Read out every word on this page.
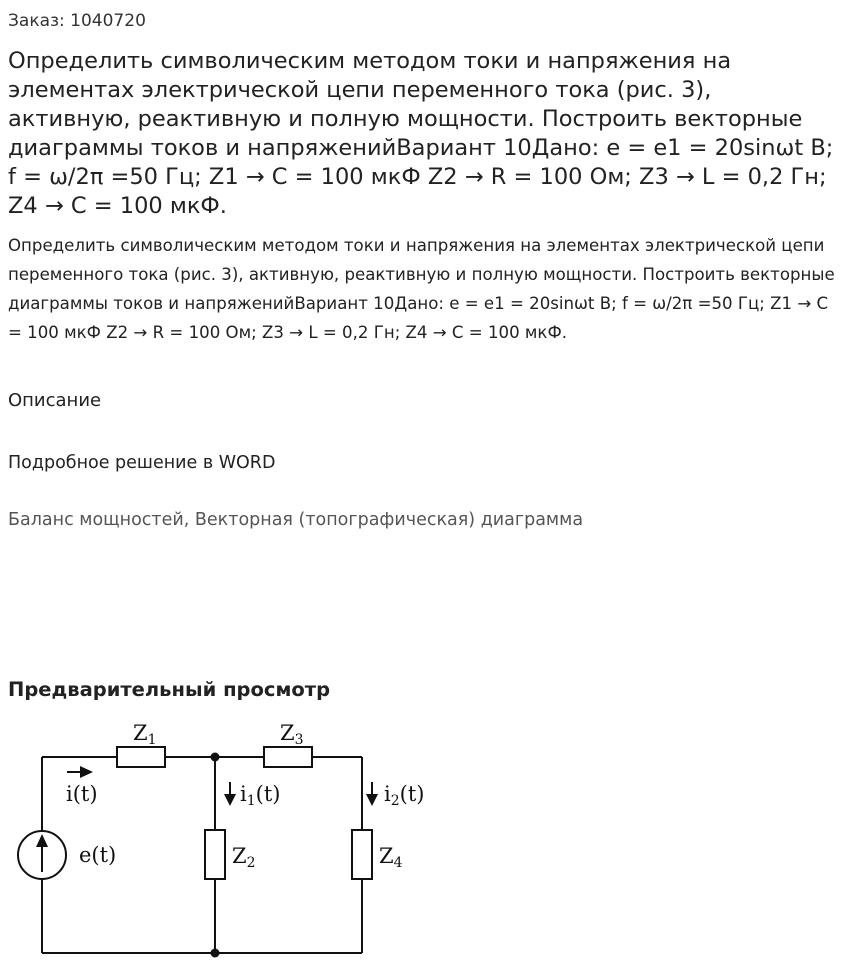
Заказ: 1040720
Определить символическим методом токи и напряжения на элементах электрической цепи переменного тока (рис. 3), активную, реактивную и полную мощности. Построить векторные диаграммы токов и напряженийВариант 10Дано: е = е1 = 20sinωt В; f = ω/2π =50 Гц; Z1 → C = 100 мкФ Z2 → R = 100 Ом; Z3 → L = 0,2 Гн; Z4 → C = 100 мкФ.

Определить символическим методом токи и напряжения на элементах электрической цепи переменного тока (рис. 3), активную, реактивную и полную мощности. Построить векторные диаграммы токов и напряженийВариант 10Дано: е = е1 = 20sinωt В; f = ω/2π =50 Гц; Z1 → C = 100 мкФ Z2 → R = 100 Ом; Z3 → L = 0,2 Гн; Z4 → C = 100 мкФ.

Описание
Подробное решение в WORD
Баланс мощностей, Векторная (топографическая) диаграмма
Предварительный просмотр
Z1	Z3
Z2	Z4
i(t)	i1(t)	i2(t)
e(t)
